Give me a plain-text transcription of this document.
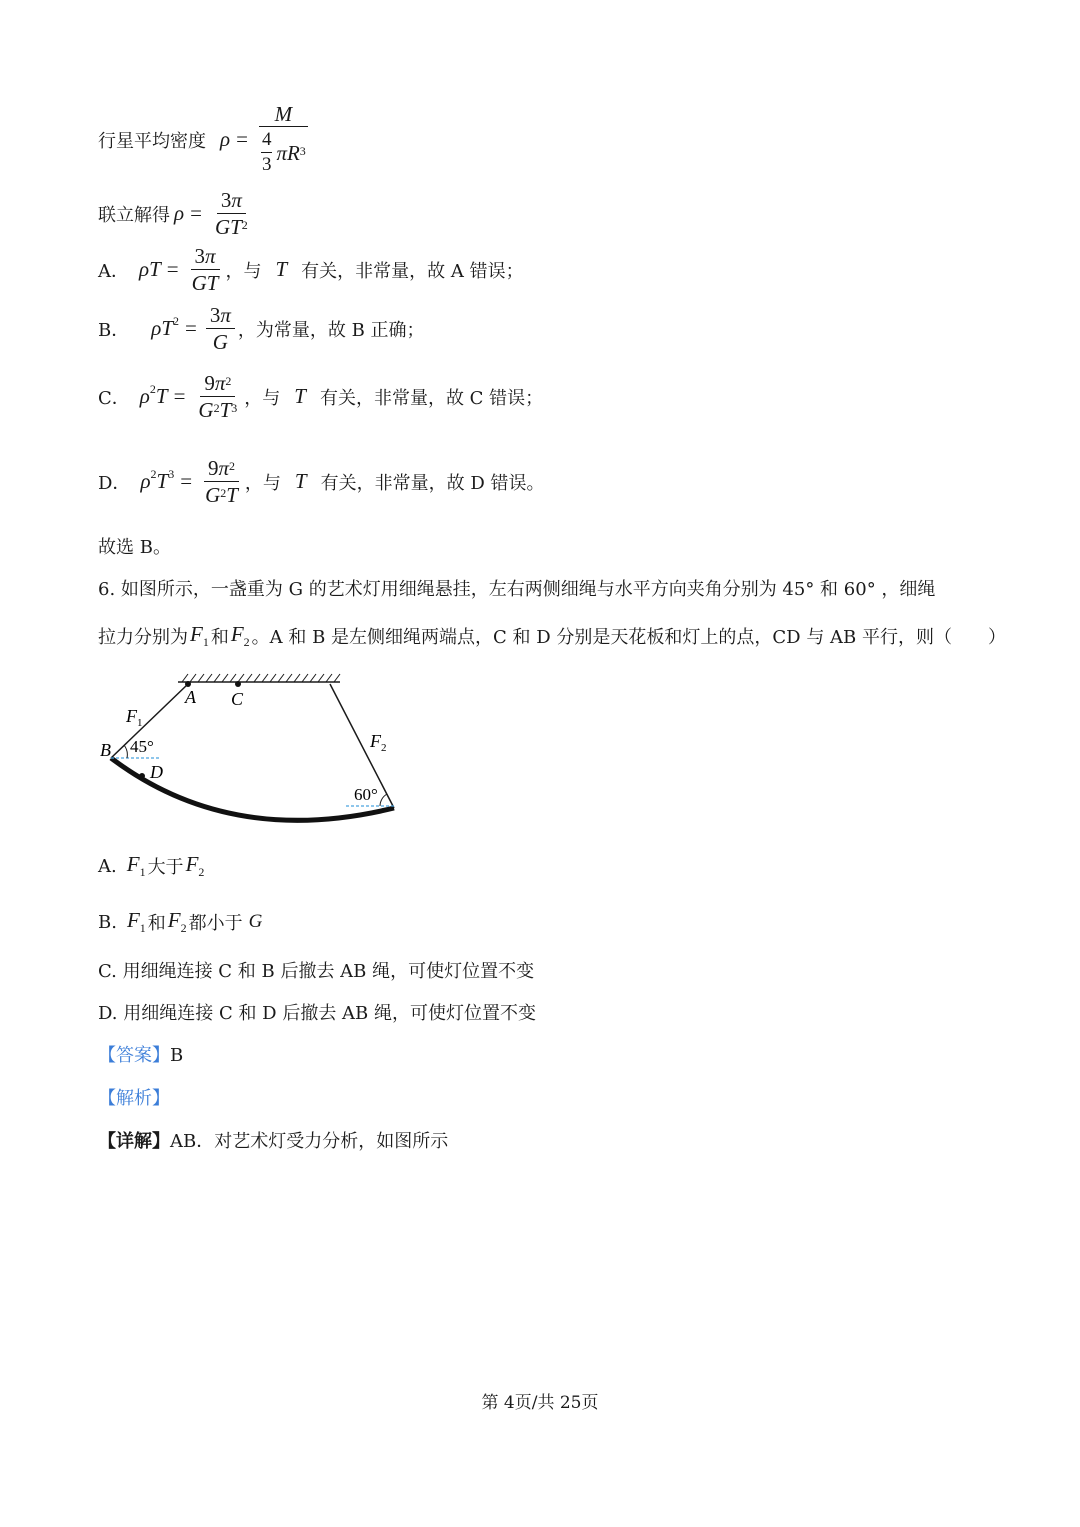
行星平均密度 $\rho = \frac{M}{\frac{4}{3} \pi R^3}$
联立解得 $\rho = \frac{3\pi}{GT^2}$
A． $\rho T = \frac{3\pi}{GT}$ ，与 T 有关，非常量，故 A 错误；
B． $\rho T^2 = \frac{3\pi}{G}$ ，为常量，故 B 正确；
C． $\rho^2T = \frac{9\pi^2}{G^2T^3}$ ，与 T 有关，非常量，故 C 错误；
D． $\rho^2T^3 = \frac{9\pi^2}{G^2T}$ ，与 T 有关，非常量，故 D 错误。
故选 B。
6. 如图所示，一盏重为 G 的艺术灯用细绳悬挂，左右两侧细绳与水平方向夹角分别为 45° 和 60° ，细绳
拉力分别为 $F_1$ 和 $F_2$ 。A 和 B 是左侧细绳两端点，C 和 D 分别是天花板和灯上的点，CD 与 AB 平行，则（　　）
A C
B
D
F 1
F 2
45°
60°
A. $F_1$ 大于 $F_2$
B. $F_1$ 和 $F_2$ 都小于 G
C. 用细绳连接 C 和 B 后撤去 AB 绳，可使灯位置不变
D. 用细绳连接 C 和 D 后撤去 AB 绳，可使灯位置不变
【答案】B
【解析】
【详解】AB．对艺术灯受力分析，如图所示
第 4页/共 25页
